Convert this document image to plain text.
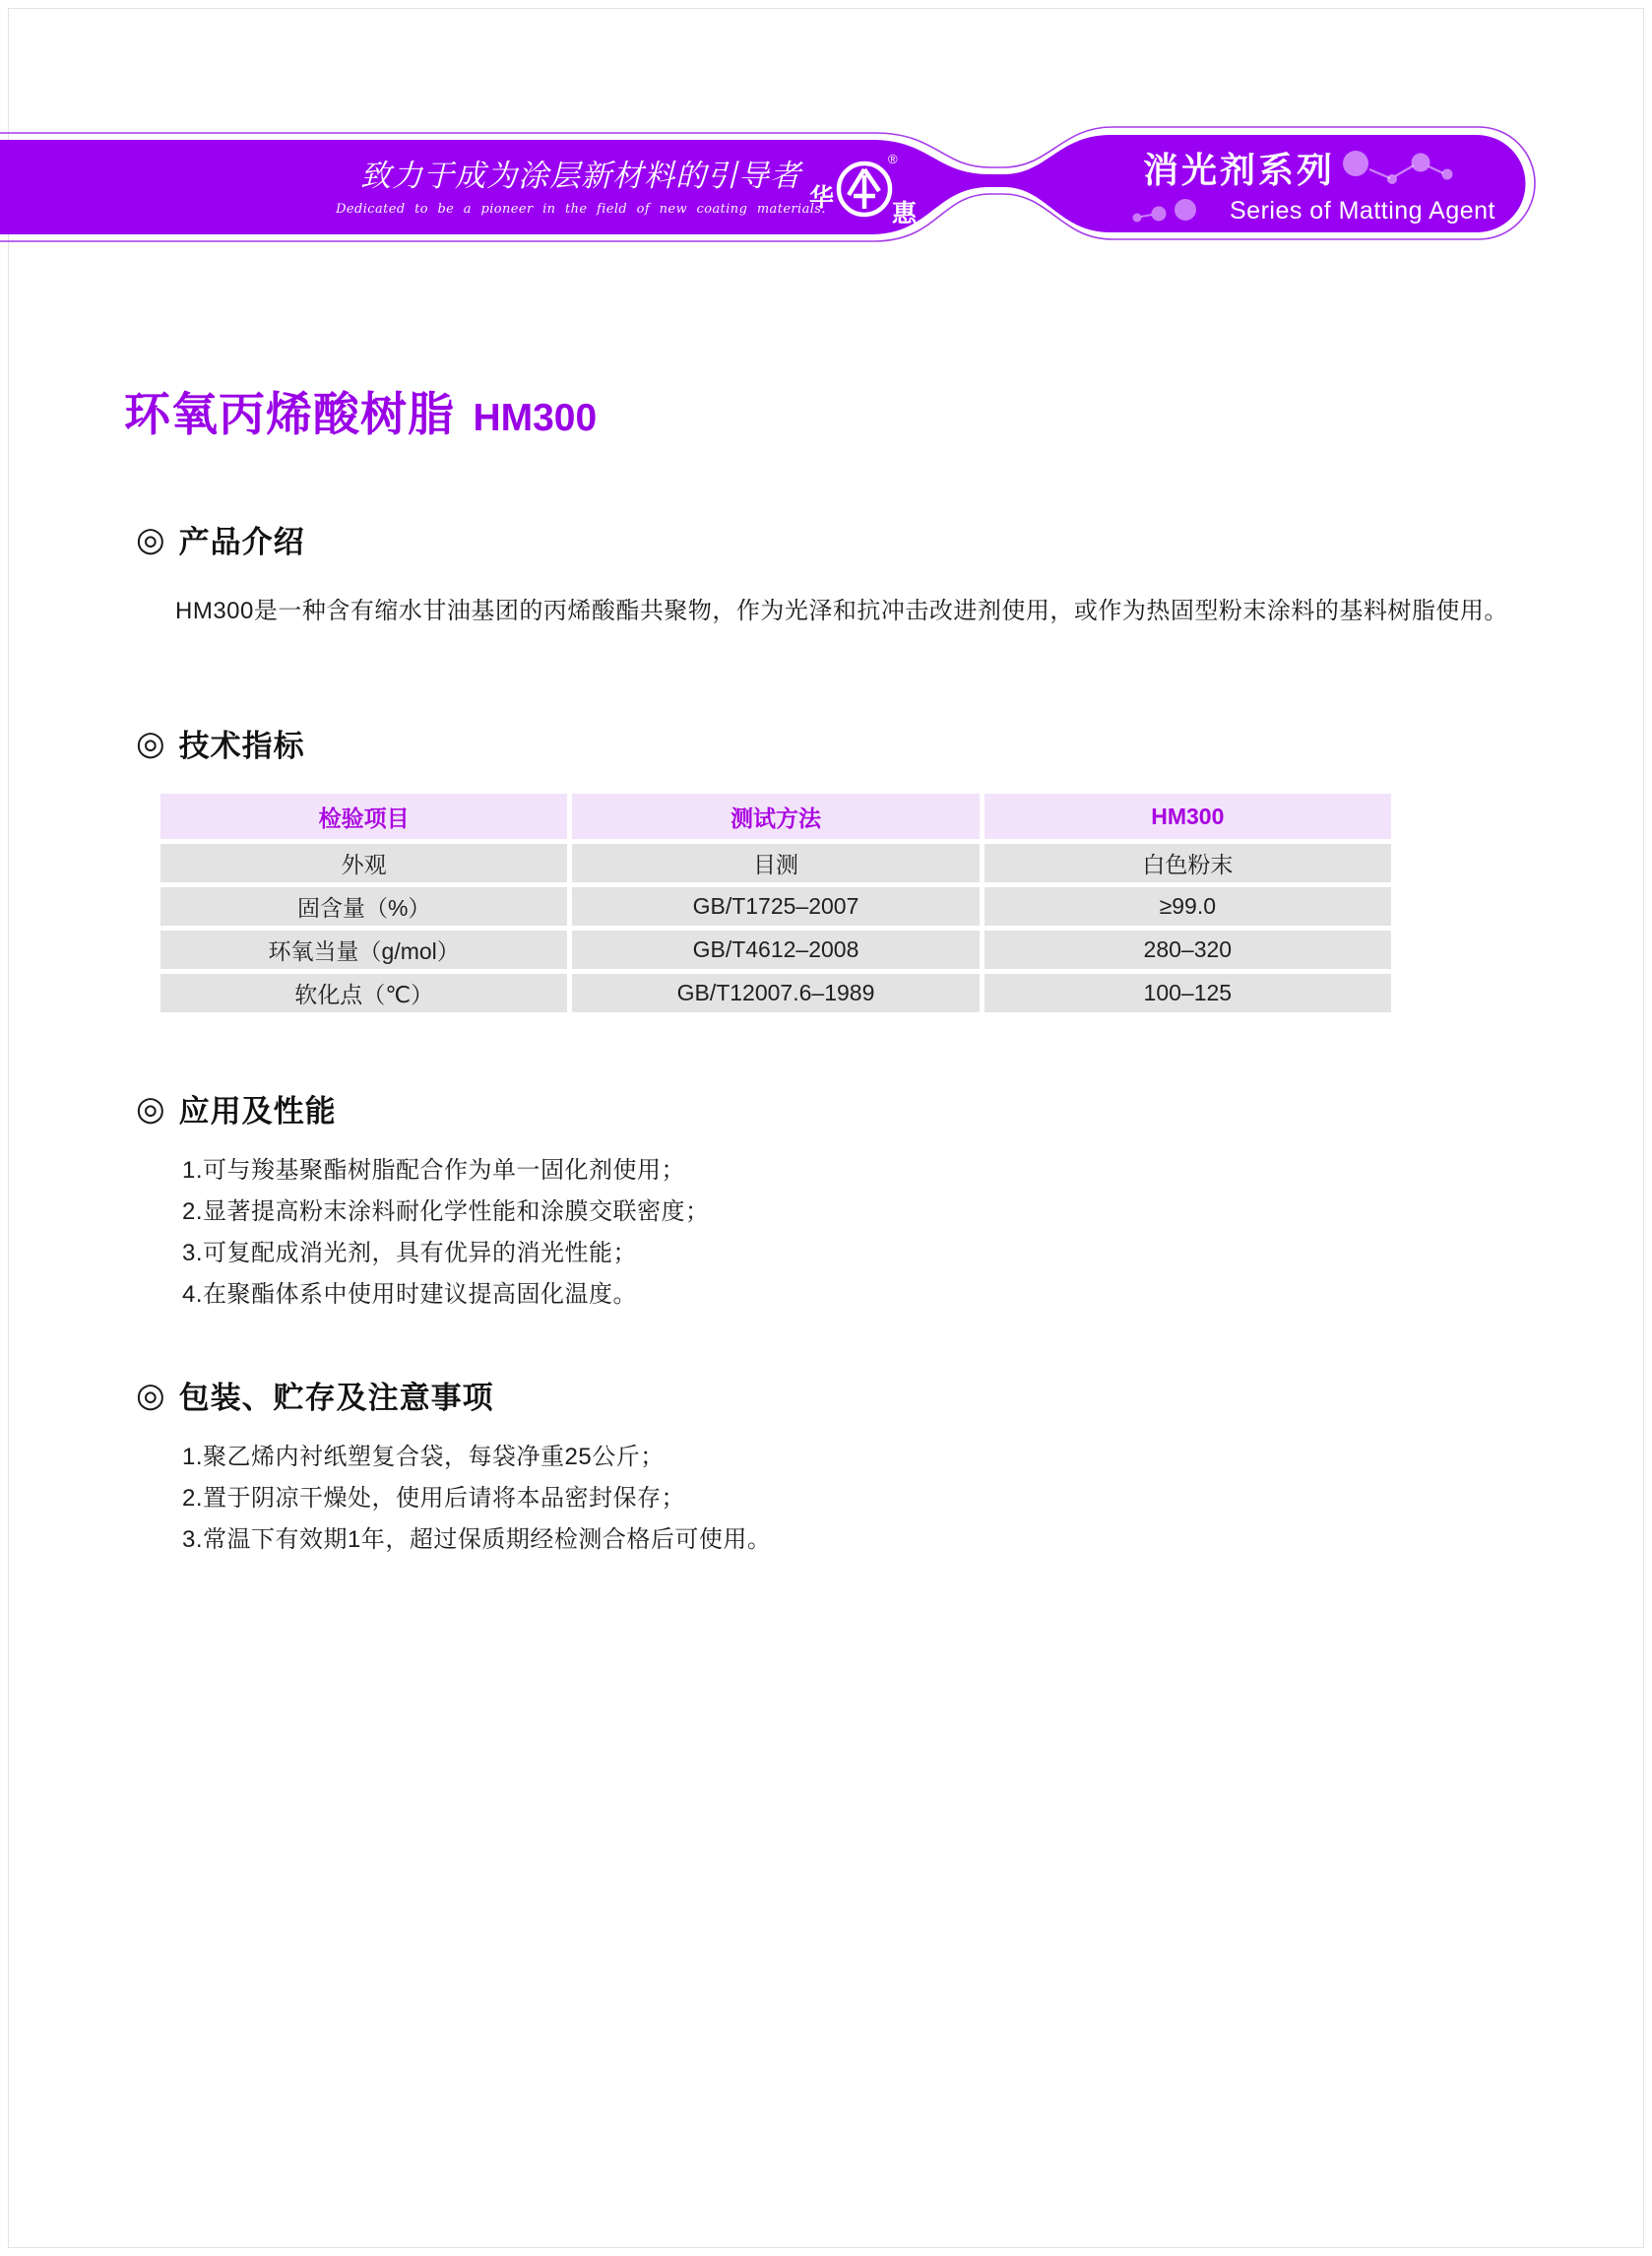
致力于成为涂层新材料的引导者
Dedicated to be a pioneer in the field of new coating materials.
华
惠
®	消光剂系列
Series of Matting Agent
环氧丙烯酸树脂 HM300
◎ 产品介绍

HM300是一种含有缩水甘油基团的丙烯酸酯共聚物，作为光泽和抗冲击改进剂使用，或作为热固型粉末涂料的基料树脂使用。

◎ 技术指标
检验项目	测试方法	HM300
外观	目测	白色粉末
固含量（%）	GB/T1725–2007	≥99.0
环氧当量（g/mol）	GB/T4612–2008	280–320
软化点（℃）	GB/T12007.6–1989	100–125
◎ 应用及性能
1.可与羧基聚酯树脂配合作为单一固化剂使用；
2.显著提高粉末涂料耐化学性能和涂膜交联密度；
3.可复配成消光剂，具有优异的消光性能；
4.在聚酯体系中使用时建议提高固化温度。
◎ 包装、贮存及注意事项
1.聚乙烯内衬纸塑复合袋，每袋净重25公斤；
2.置于阴凉干燥处，使用后请将本品密封保存；
3.常温下有效期1年，超过保质期经检测合格后可使用。
